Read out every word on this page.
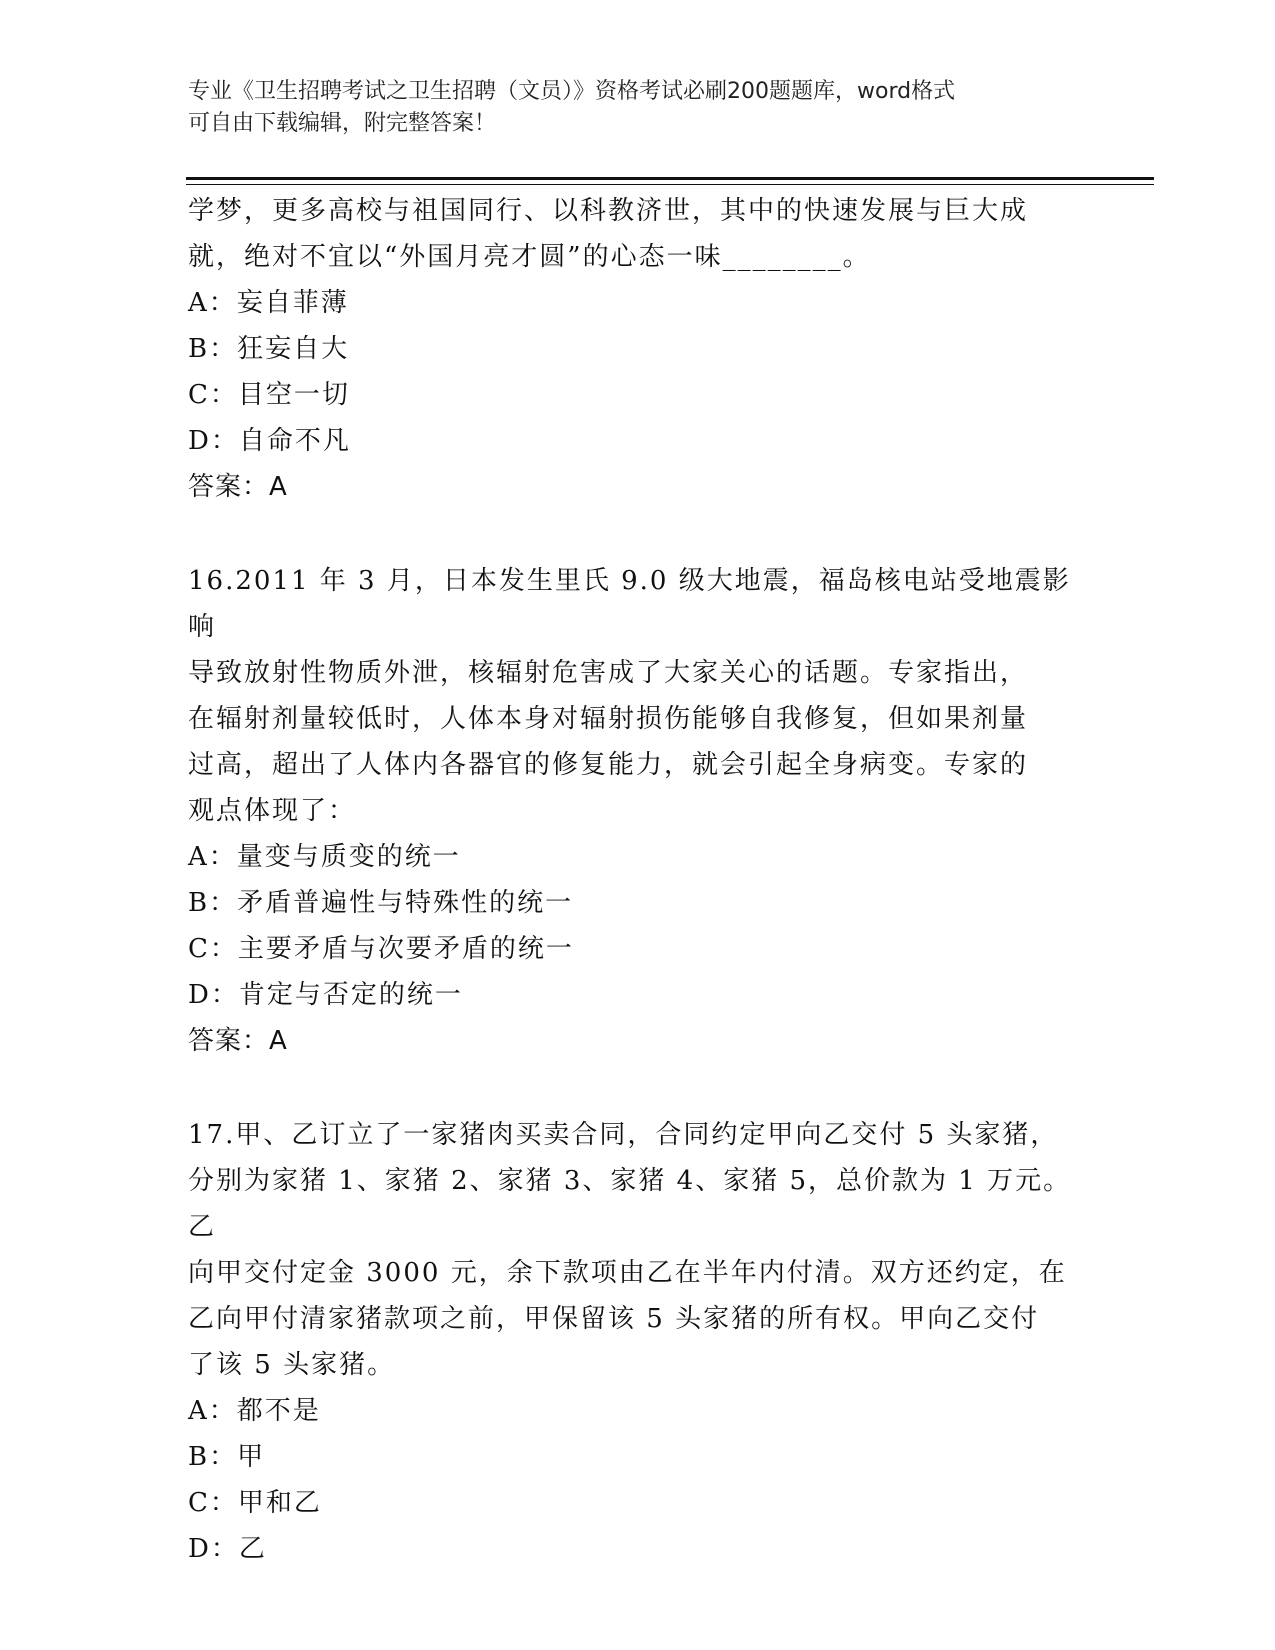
专业《卫生招聘考试之卫生招聘（文员）》资格考试必刷200题题库，word格式
可自由下载编辑，附完整答案！

学梦，更多高校与祖国同行、以科教济世，其中的快速发展与巨大成

就，绝对不宜以“外国月亮才圆”的心态一味________。

A：妄自菲薄

B：狂妄自大

C：目空一切

D：自命不凡

答案：A

16.2011 年 3 月，日本发生里氏 9.0 级大地震，福岛核电站受地震影响

导致放射性物质外泄，核辐射危害成了大家关心的话题。专家指出，

在辐射剂量较低时，人体本身对辐射损伤能够自我修复，但如果剂量

过高，超出了人体内各器官的修复能力，就会引起全身病变。专家的

观点体现了：

A：量变与质变的统一

B：矛盾普遍性与特殊性的统一

C：主要矛盾与次要矛盾的统一

D：肯定与否定的统一

答案：A

17.甲、乙订立了一家猪肉买卖合同，合同约定甲向乙交付 5 头家猪，

分别为家猪 1、家猪 2、家猪 3、家猪 4、家猪 5，总价款为 1 万元。乙

向甲交付定金 3000 元，余下款项由乙在半年内付清。双方还约定，在

乙向甲付清家猪款项之前，甲保留该 5 头家猪的所有权。甲向乙交付

了该 5 头家猪。

A：都不是

B：甲

C：甲和乙

D：乙
